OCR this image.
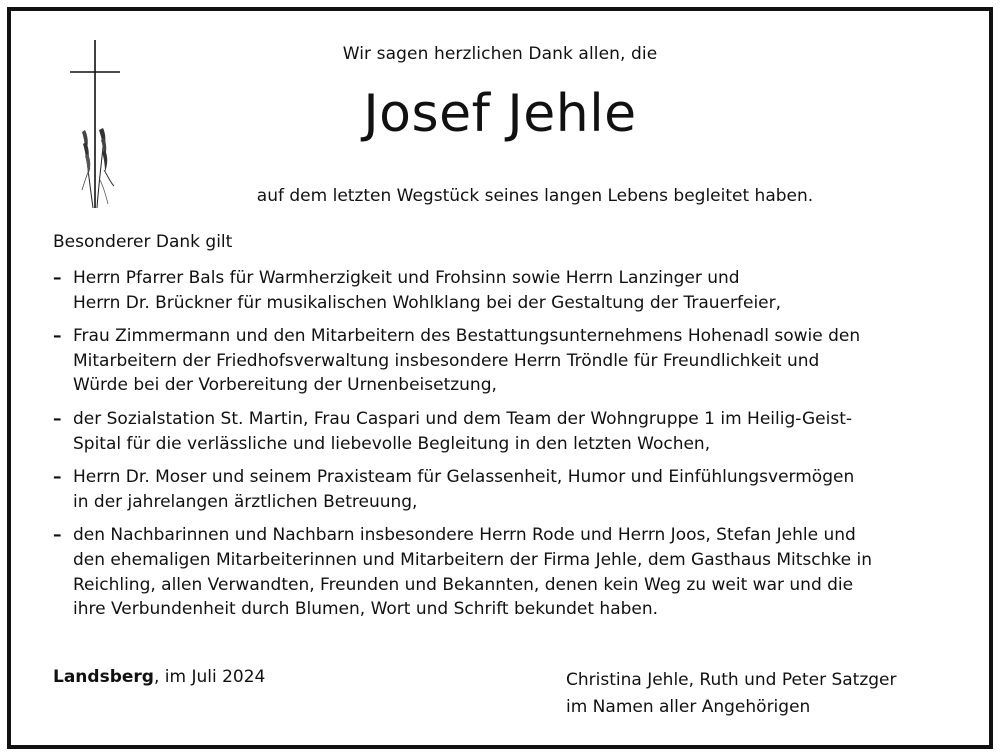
Wir sagen herzlichen Dank allen, die
Josef Jehle
auf dem letzten Wegstück seines langen Lebens begleitet haben.
Besonderer Dank gilt
– Herrn Pfarrer Bals für Warmherzigkeit und Frohsinn sowie Herrn Lanzinger und
Herrn Dr. Brückner für musikalischen Wohlklang bei der Gestaltung der Trauerfeier,
– Frau Zimmermann und den Mitarbeitern des Bestattungsunternehmens Hohenadl sowie den
Mitarbeitern der Friedhofsverwaltung insbesondere Herrn Tröndle für Freundlichkeit und
Würde bei der Vorbereitung der Urnenbeisetzung,
– der Sozialstation St. Martin, Frau Caspari und dem Team der Wohngruppe 1 im Heilig-Geist-
Spital für die verlässliche und liebevolle Begleitung in den letzten Wochen,
– Herrn Dr. Moser und seinem Praxisteam für Gelassenheit, Humor und Einfühlungsvermögen
in der jahrelangen ärztlichen Betreuung,
– den Nachbarinnen und Nachbarn insbesondere Herrn Rode und Herrn Joos, Stefan Jehle und
den ehemaligen Mitarbeiterinnen und Mitarbeitern der Firma Jehle, dem Gasthaus Mitschke in
Reichling, allen Verwandten, Freunden und Bekannten, denen kein Weg zu weit war und die
ihre Verbundenheit durch Blumen, Wort und Schrift bekundet haben.
Landsberg, im Juli 2024	Christina Jehle, Ruth und Peter Satzger
im Namen aller Angehörigen
